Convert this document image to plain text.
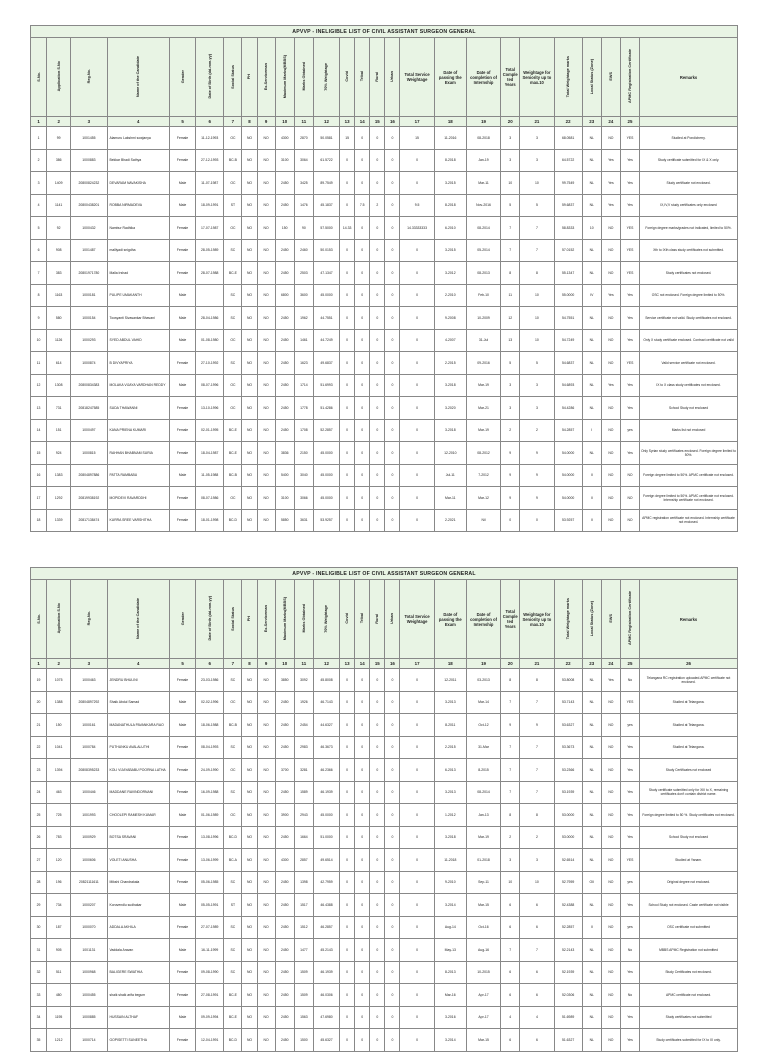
APVVP - INELIGIBLE LIST OF CIVIL ASSISTANT SURGEON GENERAL																									
S.No.	Application S.No	Reg.No.	Name of the Candidate	Gender	Date of Birth (dd-mm-yy)	Social Status	PH	Ex-Serviceman	Maximum Marks(MBBS)	Marks Obtained	70% Weightage	Covid	Tribal	Rural	Urban	Total Service Weightage	Date of passing the Exam	Date of completion of Internship	Total Completed Years	Weightage for Seniority up to max.10	Total Weightage marks	Local Status (Zone)	EWS	APMC Registration Certificate	Remarks
1	2	3	4	5	6	7	8	9	10	11	12	13	14	15	16	17	18	19	20	21	22	23	24	25	
1	99	1001455	Alamuru Lakshmi sowjanya	Female	11-12-1993	OC	NO	NO	4300	2870	50.0581	15	0	0	0	15	11-2016	08-2018	3	3	68.0581	NL	NO	YES	Studied at Pondicherry.
2	386	1000883	Bekkar Bhadi Sathya	Female	27-12-1993	BC-B	NO	NO	3100	3064	61.5722	0	0	0	0	0	8-2018	Jan-19	3	3	64.5722	NL	Yes	Yes	Study certificate submitted for IX & X only.
3	1409	20800824232	DEVARAM NAVAKISHA	Male	11-07-1987	OC	NO	NO	2450	3425	89.7549	0	0	0	0	0	3-2015	Mar-11	10	10	99.7549	NL	Yes	Yes	Study certificate not enclosed.
4	1141	20800438201	ROBBA NIRMADEVA	Male	18-09-1991	ST	NO	NO	2450	1476	45.1837	0	7.5	2	0	9.5	8-2018	Nov-2016	5	5	59.6837	NL	Yes	Yes	IX,IV,V study certificates only enclosed
5	92	1000432	Nambur Radhika	Female	17-07-1987	OC	NO	NO	150	90	57.5000	14.33	0	0	0	14.33333333	6-2010	08-2014	7	7	58.8333	10	NO	YES	Foreign degree marks/grades not indicated, limited to 50%.
6	908	1001487	malliyadi snigdha	Female	28-05-1989	SC	NO	NO	2450	2460	50.0153	0	0	0	0	0	3-2015	05-2014	7	7	57.0152	NL	NO	YES	Xth to IXth class study certificates not submitted.
7	383	20801971780	Malla Irshad	Female	28-07-1988	BC-E	NO	NO	2450	2503	47.1347	0	0	0	0	0	3-2012	08-2013	8	8	55.1347	NL	NO	YES	Study certificates not enclosed.
8	1163	1000181	PULIPE UMAKANTH	Male		SC	NO	NO	6800	3600	45.0000	0	0	0	0	0	2-2010	Feb-10	11	10	55.0000	IV	Yes	Yes	OSC not enclosed. Foreign degree limited to 50%.
9	580	1000154	Toosyanti Sivasankar Bhavani	Male	28-04-1986	SC	NO	NO	2450	1962	44.7551	0	0	0	0	0	9-2008	10-2009	12	10	54.7551	NL	NO	Yes	Service certificate not valid. Study certificates not enclosed.
10	1126	1000293	SYED ABDUL VAHID	Male	01-08-1980	OC	NO	NO	2450	1461	44.7249	0	0	0	0	0	4-2007	31-Jul	13	10	54.7249	NL	NO	Yes	Only X study certificate enclosed. Contract certificate not valid
11	614	1000874	B DIVYAPRIYA	Female	27-10-1992	SC	NO	NO	2450	1623	49.6837	0	0	0	0	0	2-2015	09-2016	5	5	54.6837	NL	NO	YES	Valid service certificate not enclosed.
12	1308	20800834383	MOLAKA VIJAYA VARDHAN REDDY	Male	08-07-1996	OC	NO	NO	2450	1714	51.6993	0	0	0	0	0	3-2018	Mar-19	3	3	54.6893	NL	Yes	Yes	IX to X class study certificates not enclosed.
13	731	20818247585	SUDA THAWANNI	Female	13-10-1996	OC	NO	NO	2450	1778	51.4286	0	0	0	0	0	3-2020	Mar-21	3	3	54.4286	NL	NO	Yes	School Study not enclosed
14	151	1000497	KANA PRIENA KUMARI	Female	02-01-1995	BC-E	NO	NO	2450	1708	52.2857	0	0	0	0	0	3-2018	Mar-19	2	2	54.2857	I	NO	yes	Marks list not enclosed
15	924	1000815	RAHHAN BHABNAM SURIA	Female	18-04-1987	BC-E	NO	NO	3836	2150	45.0000	0	0	0	0	0	12-2010	08-2012	9	9	54.0000	NL	NO	Yes	Only Syrian study certificates enclosed. Foreign degree limited to 50%.
16	1383	20804897886	PATTA RAMBABU	Male	11-05-1988	BC-B	NO	NO	5400	3040	45.0000	0	0	0	0	0	Jul-11	7-2012	9	9	54.0000	II	NO	NO	Foreign degree limited to 50%. APMC certificate not enclosed.
17	1292	20819938192	MOPIDEVI RAVARDDHI	Female	08-07-1986	OC	NO	NO	3100	3066	45.0000	0	0	0	0	0	Mar-11	Mar-12	9	9	54.0000	II	NO	NO	Foreign degree limited to 50%. APMC certificate not enclosed. Internship certificate not enclosed.
18	1339	20817138474	KURRA SREE VARSHITHA	Female	18-01-1998	BC-D	NO	NO	5850	3631	53.9257	0	0	0	0	0	2-2021	Nil	0	0	53.9257	II	NO	NO	APMC registration certificate not enclosed. Internship certificate not enclosed.
APVVP - INELIGIBLE LIST OF CIVIL ASSISTANT SURGEON GENERAL																									
S.No.	Application S.No	Reg.No.	Name of the Candidate	Gender	Date of Birth (dd-mm-yy)	Social Status	PH	Ex-Serviceman	Maximum Marks(MBBS)	Marks Obtained	70% Weightage	Covid	Tribal	Rural	Urban	Total Service Weightage	Date of passing the Exam	Date of completion of Internship	Total Completed Years	Weightage for Seniority up to max.10	Total Weightage marks	Local Status (Zone)	EWS	APMC Registration Certificate	Remarks
1	2	3	4	5	6	7	8	9	10	11	12	13	14	15	16	17	18	19	20	21	22	23	24	25	26
19	1075	1000463	JENDRU BHULINI	Female	23-03-1986	SC	NO	NO	3850	3092	45.8008	0	0	0	0	0	12-2011	03-2013	8	8	53.8008	NL	Yes	No	Telangana RC registration uploaded.APMC certificate not enclosed.
20	1388	20804897292	Shaik Abdul Samad	Male	02-02-1996	OC	NO	NO	2450	1926	46.7143	0	0	0	0	0	3-2013	Mar-14	7	7	53.7143	NL	NO	YES	Studied at Telangana.
21	150	1000161	MADANATHULA PAVANKARA RAO	Male	18-06-1988	BC-B	NO	NO	2450	2454	44.6327	0	0	0	0	0	8-2011	Oct-12	9	9	53.6327	NL	NO	yes	Studied at Telangana.
22	1041	1000784	PUTHUNKU AVALALUTHI	Female	08-04-1993	SC	NO	NO	2450	2983	46.3673	0	0	0	0	0	2-2015	31-Mar	7	7	53.3673	NL	NO	Yes	Studied at Telangana.
23	1394	20808395233	KOLI VIJAYABABU POORNA LATHA	Female	24-09-1990	OC	NO	NO	3700	3281	46.2366	0	0	0	0	0	6-2013	8-2015	7	7	53.2366	NL	NO	Yes	Study Certificates not enclosed
24	463	1000446	MADDANE RAVINDORNANI	Female	16-09-1988	SC	NO	NO	2450	1589	46.1939	0	0	0	0	0	3-2013	08-2014	7	7	53.1939	NL	NO	Yes	Study certificate submitted only for XIII to X, remaining certificates don't contain district name.
25	725	1001993	CHOOLEPI RAMESH KUMAR	Male	01-06-1989	OC	NO	NO	3900	2943	45.0000	0	0	0	0	0	1-2012	Jan-13	8	8	53.0000	NL	NO	Yes	Foreign degree limited to 50 %. Study certificates not enclosed.
26	783	1000929	BOTSA SRAVANI	Female	13-08-1996	BC-D	NO	NO	2450	1664	51.0000	0	0	0	0	0	3-2018	Mar-19	2	2	53.0000	NL	NO	Yes	School Study not enclosed
27	120	1000606	VOLETI ANUSHA	Female	13-06-1999	BC-A	NO	NO	4300	2857	49.6514	0	0	0	0	0	11-2018	01-2018	3	3	52.6514	NL	NO	YES	Studied at Yanam.
28	196	20821111611	Mikshi Chandrakala	Female	05-06-1985	SC	NO	NO	2450	1398	42.7959	0	0	0	0	0	9-2010	Sep-11	10	10	52.7959	OII	NO	yes	Original degree not enclosed.
29	734	1000207	Koruvendlu sudhakar	Male	05-05-1991	ST	NO	NO	2450	1517	46.4388	0	0	0	0	0	3-2014	Mar-15	6	6	52.4388	NL	NO	Yes	School Study not enclosed. Caste certificate not visible
30	187	1000070	ADDALA AKHILA	Female	27-07-1989	SC	NO	NO	2450	1512	46.2857	0	0	0	0	0	Aug-14	Oct-16	6	6	52.2857	II	NO	yes	OSC certificate not submitted
31	905	1001131	Vaddala Aravan	Male	16-11-1999	SC	NO	NO	2450	1477	45.2143	0	0	0	0	0	May-13	Aug-16	7	7	52.2143	NL	NO	No	MBBS APMC Registration not submitted
32	511	1000968	BALIGERE SWATHIA	Female	09-08-1990	SC	NO	NO	2450	1509	46.1939	0	0	0	0	0	8-2013	10-2015	6	6	52.1939	NL	NO	Yes	Study Certificates not enclosed.
33	480	1000455	shaik shaik arifa begum	Female	27-08-1991	BC-E	NO	NO	2450	1509	46.0306	0	0	0	0	0	Mar-16	Apr-17	6	6	52.0306	NL	NO	No	APMC certificate not enclosed.
34	1195	1000885	HUSSAIN ALTHAF	Male	09-09-1994	BC-E	NO	NO	2450	1563	47.6980	0	0	0	0	0	3-2016	Apr-17	4	4	51.6989	NL	NO	Yes	Study certificates not submitted
35	1212	1000714	GOPISETTI SUNEETHA	Female	12-04-1991	BC-D	NO	NO	2450	1500	45.6327	0	0	0	0	0	3-2014	Mar-15	6	6	51.6327	NL	NO	Yes	Study certificates submitted for IX to IX only.
